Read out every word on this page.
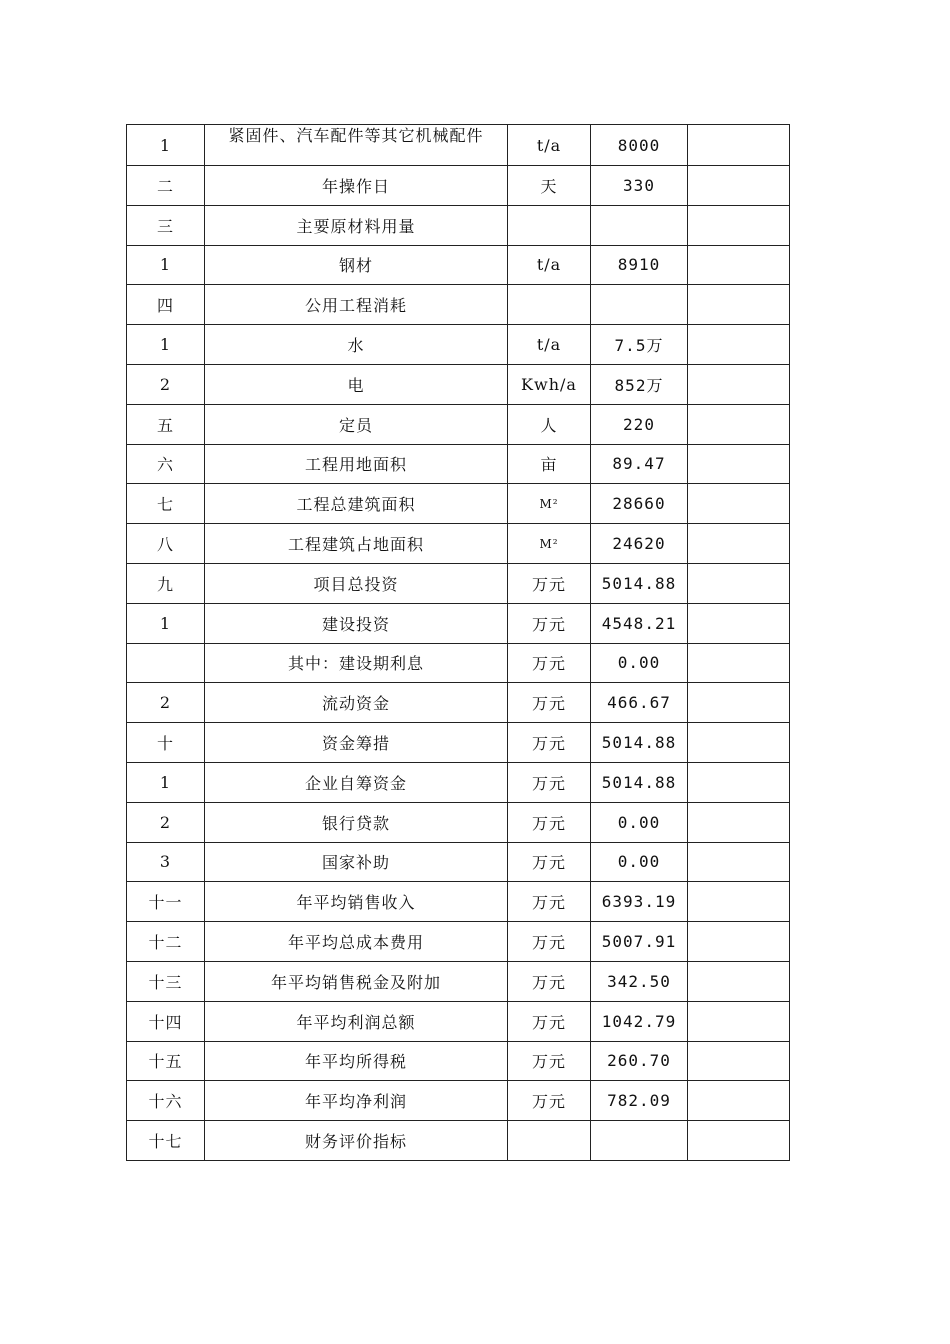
1	紧固件、汽车配件等其它机械配件	t/a	8000	
二	年操作日	天	330	
三	主要原材料用量			
1	钢材	t/a	8910	
四	公用工程消耗			
1	水	t/a	7.5万	
2	电	Kwh/a	852万	
五	定员	人	220	
六	工程用地面积	亩	89.47	
七	工程总建筑面积	M²	28660	
八	工程建筑占地面积	M²	24620	
九	项目总投资	万元	5014.88	
1	建设投资	万元	4548.21	
	其中：建设期利息	万元	0.00	
2	流动资金	万元	466.67	
十	资金筹措	万元	5014.88	
1	企业自筹资金	万元	5014.88	
2	银行贷款	万元	0.00	
3	国家补助	万元	0.00	
十一	年平均销售收入	万元	6393.19	
十二	年平均总成本费用	万元	5007.91	
十三	年平均销售税金及附加	万元	342.50	
十四	年平均利润总额	万元	1042.79	
十五	年平均所得税	万元	260.70	
十六	年平均净利润	万元	782.09	
十七	财务评价指标			
